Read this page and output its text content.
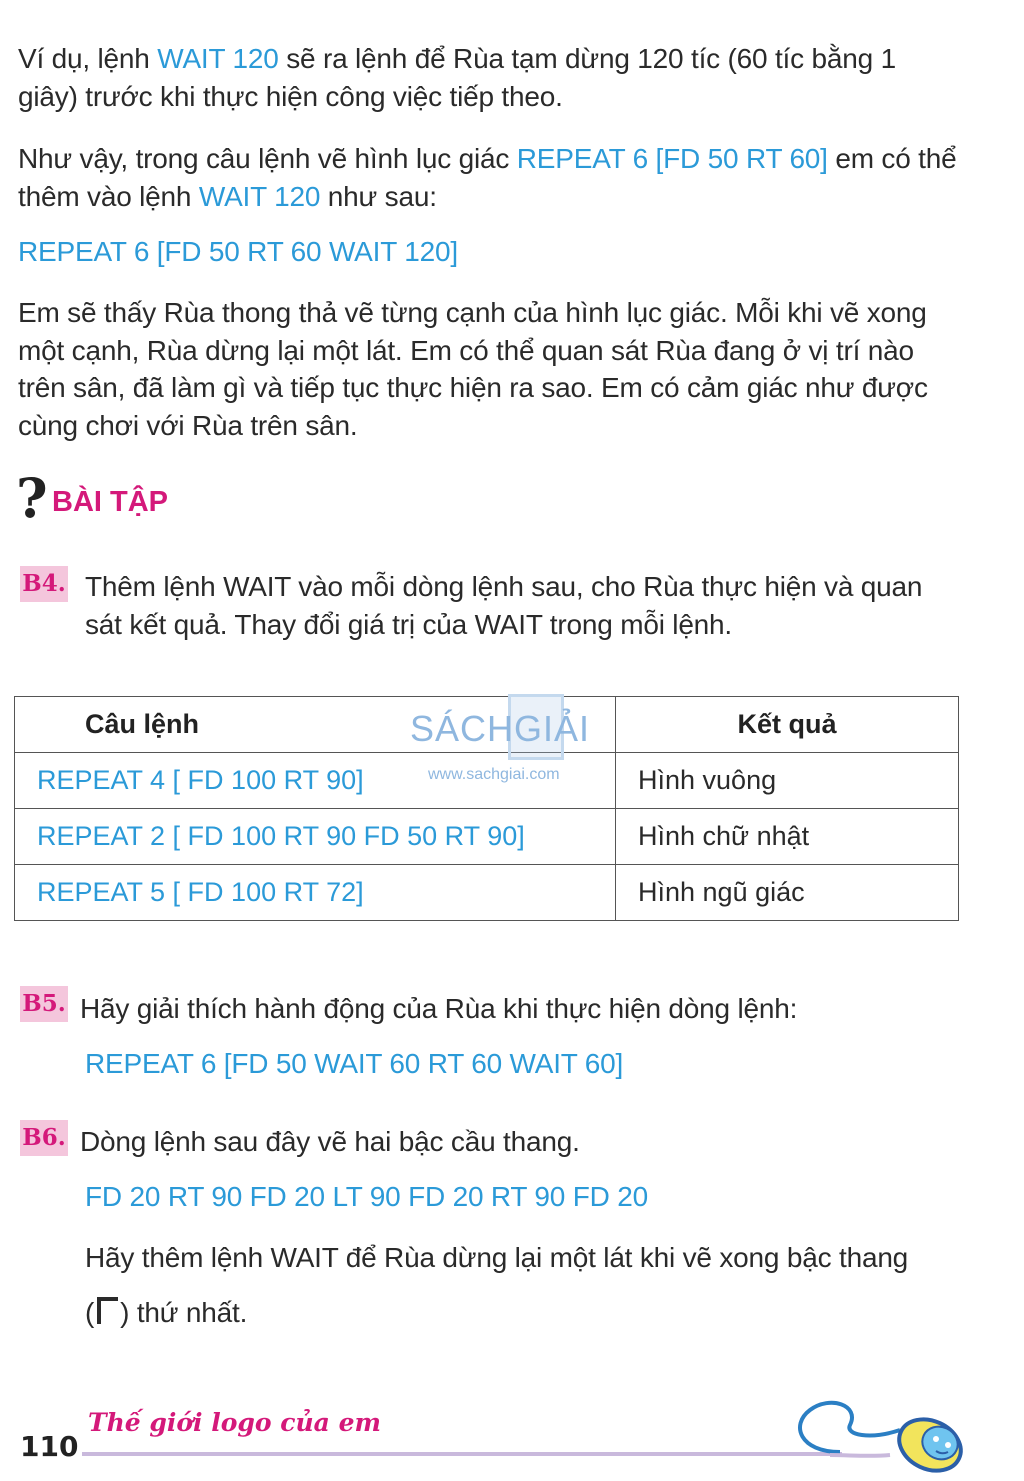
Ví dụ, lệnh WAIT 120 sẽ ra lệnh để Rùa tạm dừng 120 tíc (60 tíc bằng 1 giây) trước khi thực hiện công việc tiếp theo.
Như vậy, trong câu lệnh vẽ hình lục giác REPEAT 6 [FD 50 RT 60] em có thể thêm vào lệnh WAIT 120 như sau:
REPEAT 6 [FD 50 RT 60 WAIT 120]
Em sẽ thấy Rùa thong thả vẽ từng cạnh của hình lục giác. Mỗi khi vẽ xong một cạnh, Rùa dừng lại một lát. Em có thể quan sát Rùa đang ở vị trí nào trên sân, đã làm gì và tiếp tục thực hiện ra sao. Em có cảm giác như được cùng chơi với Rùa trên sân.
? BÀI TẬP
B4. Thêm lệnh WAIT vào mỗi dòng lệnh sau, cho Rùa thực hiện và quan sát kết quả. Thay đổi giá trị của WAIT trong mỗi lệnh.
Câu lệnh	Kết quả
REPEAT 4 [ FD 100 RT 90]	Hình vuông
REPEAT 2 [ FD 100 RT 90 FD 50 RT 90]	Hình chữ nhật
REPEAT 5 [ FD 100 RT 72]	Hình ngũ giác
SÁCHGIẢI
www.sachgiai.com
B5. Hãy giải thích hành động của Rùa khi thực hiện dòng lệnh:
REPEAT 6 [FD 50 WAIT 60 RT 60 WAIT 60]
B6. Dòng lệnh sau đây vẽ hai bậc cầu thang.
FD 20 RT 90 FD 20 LT 90 FD 20 RT 90 FD 20
Hãy thêm lệnh WAIT để Rùa dừng lại một lát khi vẽ xong bậc thang
( ) thứ nhất.
110
Thế giới logo của em
